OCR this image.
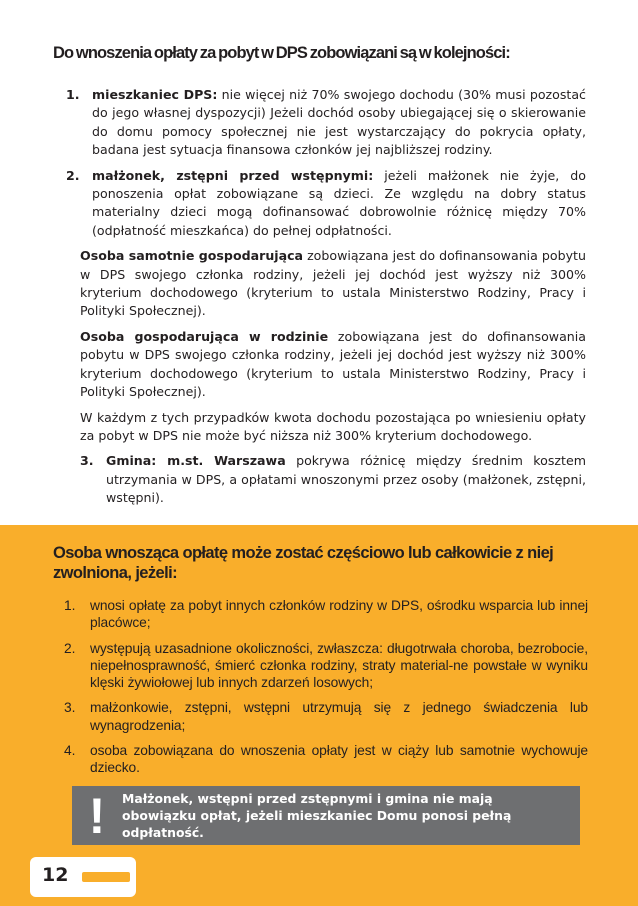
Do wnoszenia opłaty za pobyt w DPS zobowiązani są w kolejności:
1. mieszkaniec DPS: nie więcej niż 70% swojego dochodu (30% musi pozostać do jego własnej dyspozycji) Jeżeli dochód osoby ubiegającej się o skierowanie do domu pomocy społecznej nie jest wystarczający do pokrycia opłaty, badana jest sytuacja finansowa członków jej najbliższej rodziny.
2. małżonek, zstępni przed wstępnymi: jeżeli małżonek nie żyje, do ponoszenia opłat zobowiązane są dzieci. Ze względu na dobry status materialny dzieci mogą dofinansować dobrowolnie różnicę między 70% (odpłatność mieszkańca) do pełnej odpłatności.
Osoba samotnie gospodarująca zobowiązana jest do dofinansowania pobytu w DPS swojego członka rodziny, jeżeli jej dochód jest wyższy niż 300% kryterium dochodowego (kryterium to ustala Ministerstwo Rodziny, Pracy i Polityki Społecznej).
Osoba gospodarująca w rodzinie zobowiązana jest do dofinansowania pobytu w DPS swojego członka rodziny, jeżeli jej dochód jest wyższy niż 300% kryterium dochodowego (kryterium to ustala Ministerstwo Rodziny, Pracy i Polityki Społecznej).
W każdym z tych przypadków kwota dochodu pozostająca po wniesieniu opłaty za pobyt w DPS nie może być niższa niż 300% kryterium dochodowego.
3. Gmina: m.st. Warszawa pokrywa różnicę między średnim kosztem utrzymania w DPS, a opłatami wnoszonymi przez osoby (małżonek, zstępni, wstępni).
Osoba wnosząca opłatę może zostać częściowo lub całkowicie z niej zwolniona, jeżeli:
1. wnosi opłatę za pobyt innych członków rodziny w DPS, ośrodku wsparcia lub innej placówce;
2. występują uzasadnione okoliczności, zwłaszcza: długotrwała choroba, bezrobocie, niepełnosprawność, śmierć członka rodziny, straty material-ne powstałe w wyniku klęski żywiołowej lub innych zdarzeń losowych;
3. małżonkowie, zstępni, wstępni utrzymują się z jednego świadczenia lub wynagrodzenia;
4. osoba zobowiązana do wnoszenia opłaty jest w ciąży lub samotnie wychowuje dziecko.
!	Małżonek, wstępni przed zstępnymi i gmina nie mają obowiązku opłat, jeżeli mieszkaniec Domu ponosi pełną odpłatność.
12
